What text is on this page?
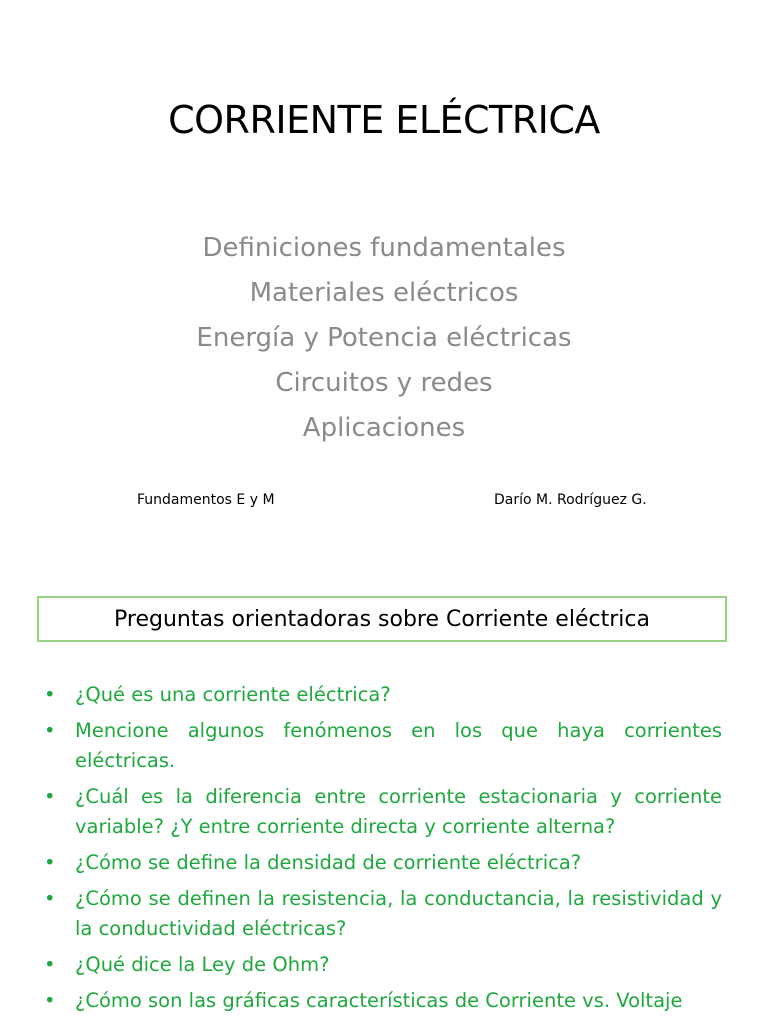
CORRIENTE ELÉCTRICA
Definiciones fundamentales
Materiales eléctricos
Energía y Potencia eléctricas
Circuitos y redes
Aplicaciones
Fundamentos E y M	Darío M. Rodríguez G.
Preguntas orientadoras sobre Corriente eléctrica
• ¿Qué es una corriente eléctrica?
• Mencione algunos fenómenos en los que haya corrientes eléctricas.
• ¿Cuál es la diferencia entre corriente estacionaria y corriente variable? ¿Y entre corriente directa y corriente alterna?
• ¿Cómo se define la densidad de corriente eléctrica?
• ¿Cómo se definen la resistencia, la conductancia, la resistividad y la conductividad eléctricas?
• ¿Qué dice la Ley de Ohm?
• ¿Cómo son las gráficas características de Corriente vs. Voltaje
